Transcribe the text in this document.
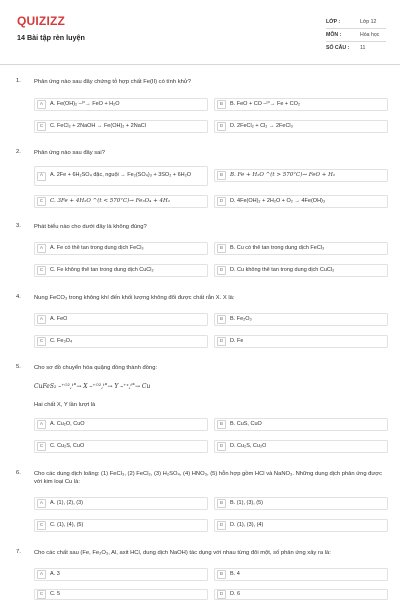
QUIZIZZ
14 Bài tập rèn luyện
LỚP :	Lớp 12
MÔN :	Hóa học
SỐ CÂU :	11
1. Phản ứng nào sau đây chứng tỏ hợp chất Fe(II) có tính khử?
A	A. Fe(OH)₂ –ᵗ°→ FeO + H₂O	B	B. FeO + CO –ᵗ°→ Fe + CO₂
C	C. FeCl₂ + 2NaOH → Fe(OH)₂ + 2NaCl	D	D. 2FeCl₂ + Cl₂ → 2FeCl₃
2. Phản ứng nào sau đây sai?
A	A. 2Fe + 6H₂SO₄ đặc, nguội → Fe₂(SO₄)₃ + 3SO₂ + 6H₂O	B	B. Fe + H₂O ^(t > 570°C)→ FeO + H₂
C	C. 3Fe + 4H₂O ^(t < 570°C)→ Fe₃O₄ + 4H₂	D	D. 4Fe(OH)₂ + 2H₂O + O₂ → 4Fe(OH)₃
3. Phát biểu nào cho dưới đây là không đúng?
A	A. Fe có thể tan trong dung dịch FeCl₃	B	B. Cu có thể tan trong dung dịch FeCl₃
C	C. Fe không thể tan trong dung dịch CuCl₂	D	D. Cu không thể tan trong dung dịch CuCl₂
4. Nung FeCO₃ trong không khí đến khối lượng không đổi được chất rắn X. X là:
A	A. FeO	B	B. Fe₂O₃
C	C. Fe₃O₄	D	D. Fe
5. Cho sơ đồ chuyển hóa quặng đồng thành đồng:
CuFeS₂ –⁺ᴼ²,ᵗ°→ X –⁺ᴼ²,ᵗ°→ Y –⁺ˣ,ᵗ°→ Cu
Hai chất X, Y lần lượt là
A	A. Cu₂O, CuO	B	B. CuS, CuO
C	C. Cu₂S, CuO	D	D. Cu₂S, Cu₂O
6. Cho các dung dịch loãng: (1) FeCl₃, (2) FeCl₂, (3) H₂SO₄, (4) HNO₃, (5) hỗn hợp gồm HCl và NaNO₃. Những dung dịch phản ứng được với kim loại Cu là:
A	A. (1), (2), (3)	B	B. (1), (3), (5)
C	C. (1), (4), (5)	D	D. (1), (3), (4)
7. Cho các chất sau (Fe, Fe₂O₃, Al, axit HCl, dung dịch NaOH) tác dụng với nhau từng đôi một, số phản ứng xảy ra là:
A	A. 3	B	B. 4
C	C. 5	D	D. 6
